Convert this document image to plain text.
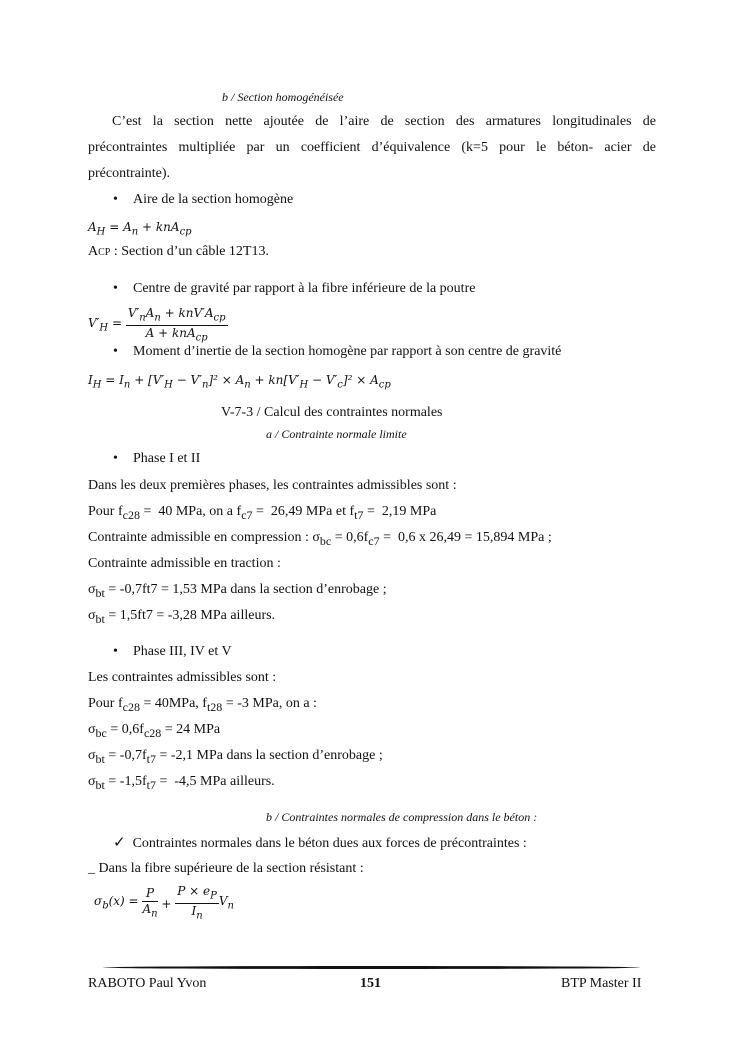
b / Section homogénéisée
C’est la section nette ajoutée de l’aire de section des armatures longitudinales de
précontraintes multipliée par un coefficient d’équivalence (k=5 pour le béton- acier de
précontrainte).
• Aire de la section homogène
$A_H = A_n + knA_{cp}$
ACP : Section d’un câble 12T13.
• Centre de gravité par rapport à la fibre inférieure de la poutre
$V'_H = \frac{V'_nA_n + knV'A_{cp}}{A + knA_{cp}}$
• Moment d’inertie de la section homogène par rapport à son centre de gravité
$I_H = I_n + [V'_H - V'_n]^2 \times A_n + kn[V'_H - V'_c]^2 \times A_{cp}$
V-7-3 / Calcul des contraintes normales
a / Contrainte normale limite
• Phase I et II
Dans les deux premières phases, les contraintes admissibles sont :
Pour $f_{c28} = 40$ MPa, on a $f_{c7} = 26,49$ MPa et $f_{t7} = 2,19$ MPa
Contrainte admissible en compression : $\sigma_{bc} = 0,6f_{c7} = 0,6$ x 26,49 = 15,894 MPa ;
Contrainte admissible en traction :
$\sigma_{bt} = -0,7ft7 = 1,53$ MPa dans la section d’enrobage ;
$\sigma_{bt} = 1,5ft7 = -3,28$ MPa ailleurs.
• Phase III, IV et V
Les contraintes admissibles sont :
Pour $f_{c28} = 40MPa$, $f_{t28} = -3$ MPa, on a :
$\sigma_{bc} = 0,6f_{c28} = 24$ MPa
$\sigma_{bt} = -0,7f_{t7} = -2,1$ MPa dans la section d’enrobage ;
$\sigma_{bt} = -1,5f_{t7} = -4,5$ MPa ailleurs.
b / Contraintes normales de compression dans le béton :
✓ Contraintes normales dans le béton dues aux forces de précontraintes :
_ Dans la fibre supérieure de la section résistant :
$\sigma_b(x) = \frac{P}{A_n} + \frac{P \times e_P}{I_n} V_n$
RABOTO Paul Yvon	151	BTP Master II
